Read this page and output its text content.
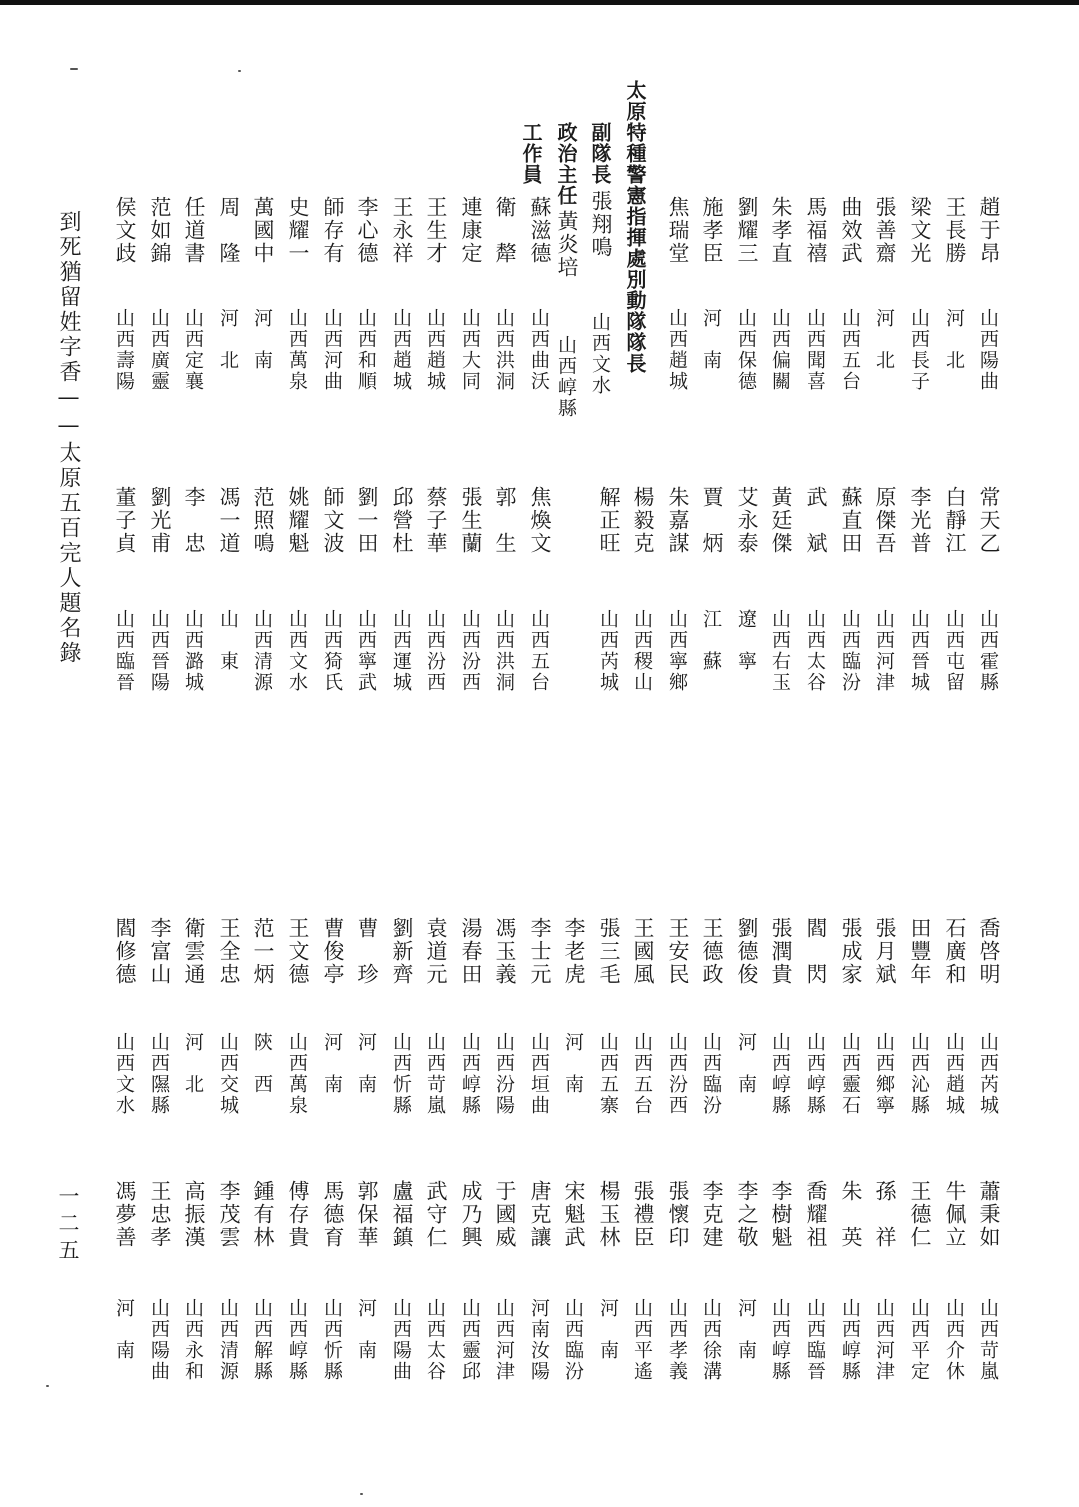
趙于昂
山西陽曲
常天乙
山西霍縣
喬啓明
山西芮城
蕭秉如
山西苛嵐
王長勝
河　北
白靜江
山西屯留
石廣和
山西趙城
牛佩立
山西介休
梁文光
山西長子
李光普
山西晉城
田豐年
山西沁縣
王德仁
山西平定
張善齋
河　北
原傑吾
山西河津
張月斌
山西鄉寧
孫　祥
山西河津
曲效武
山西五台
蘇直田
山西臨汾
張成家
山西靈石
朱　英
山西崞縣
馬福禧
山西聞喜
武　斌
山西太谷
閻　閃
山西崞縣
喬耀祖
山西臨晉
朱孝直
山西偏關
黃廷傑
山西右玉
張潤貴
山西崞縣
李樹魁
山西崞縣
劉耀三
山西保德
艾永泰
遼　寧
劉德俊
河　南
李之敬
河　南
施孝臣
河　南
賈　炳
江　蘇
王德政
山西臨汾
李克建
山西徐溝
焦瑞堂
山西趙城
朱嘉謀
山西寧鄉
王安民
山西汾西
張懷印
山西孝義
楊毅克
山西稷山
王國風
山西五台
張禮臣
山西平遙
解正旺
山西芮城
張三毛
山西五寨
楊玉林
河　南
李老虎
河　南
宋魁武
山西臨汾
蘇滋德
山西曲沃
焦煥文
山西五台
李士元
山西垣曲
唐克讓
河南汝陽
衛　犛
山西洪洞
郭　生
山西洪洞
馮玉義
山西汾陽
于國威
山西河津
連康定
山西大同
張生蘭
山西汾西
湯春田
山西崞縣
成乃興
山西靈邱
王生才
山西趙城
蔡子華
山西汾西
袁道元
山西苛嵐
武守仁
山西太谷
王永祥
山西趙城
邱營杜
山西運城
劉新齊
山西忻縣
盧福鎮
山西陽曲
李心德
山西和順
劉一田
山西寧武
曹　珍
河　南
郭保華
河　南
師存有
山西河曲
師文波
山西猗氏
曹俊亭
河　南
馬德育
山西忻縣
史耀一
山西萬泉
姚耀魁
山西文水
王文德
山西萬泉
傅存貴
山西崞縣
萬國中
河　南
范照鳴
山西清源
范一炳
陝　西
鍾有林
山西解縣
周　隆
河　北
馮一道
山　東
王全忠
山西交城
李茂雲
山西清源
任道書
山西定襄
李　忠
山西潞城
衛雲通
河　北
高振漢
山西永和
范如錦
山西廣靈
劉光甫
山西晉陽
李富山
山西隰縣
王忠孝
山西陽曲
侯文歧
山西壽陽
董子貞
山西臨晉
閻修德
山西文水
馮夢善
河　南
太原特種警憲指揮處別動隊隊長
副隊長
政治主任
工作員
張翔鳴
山西文水
黃炎培
山西崞縣
到死猶留姓字香——太原五百完人題名錄
一二五
